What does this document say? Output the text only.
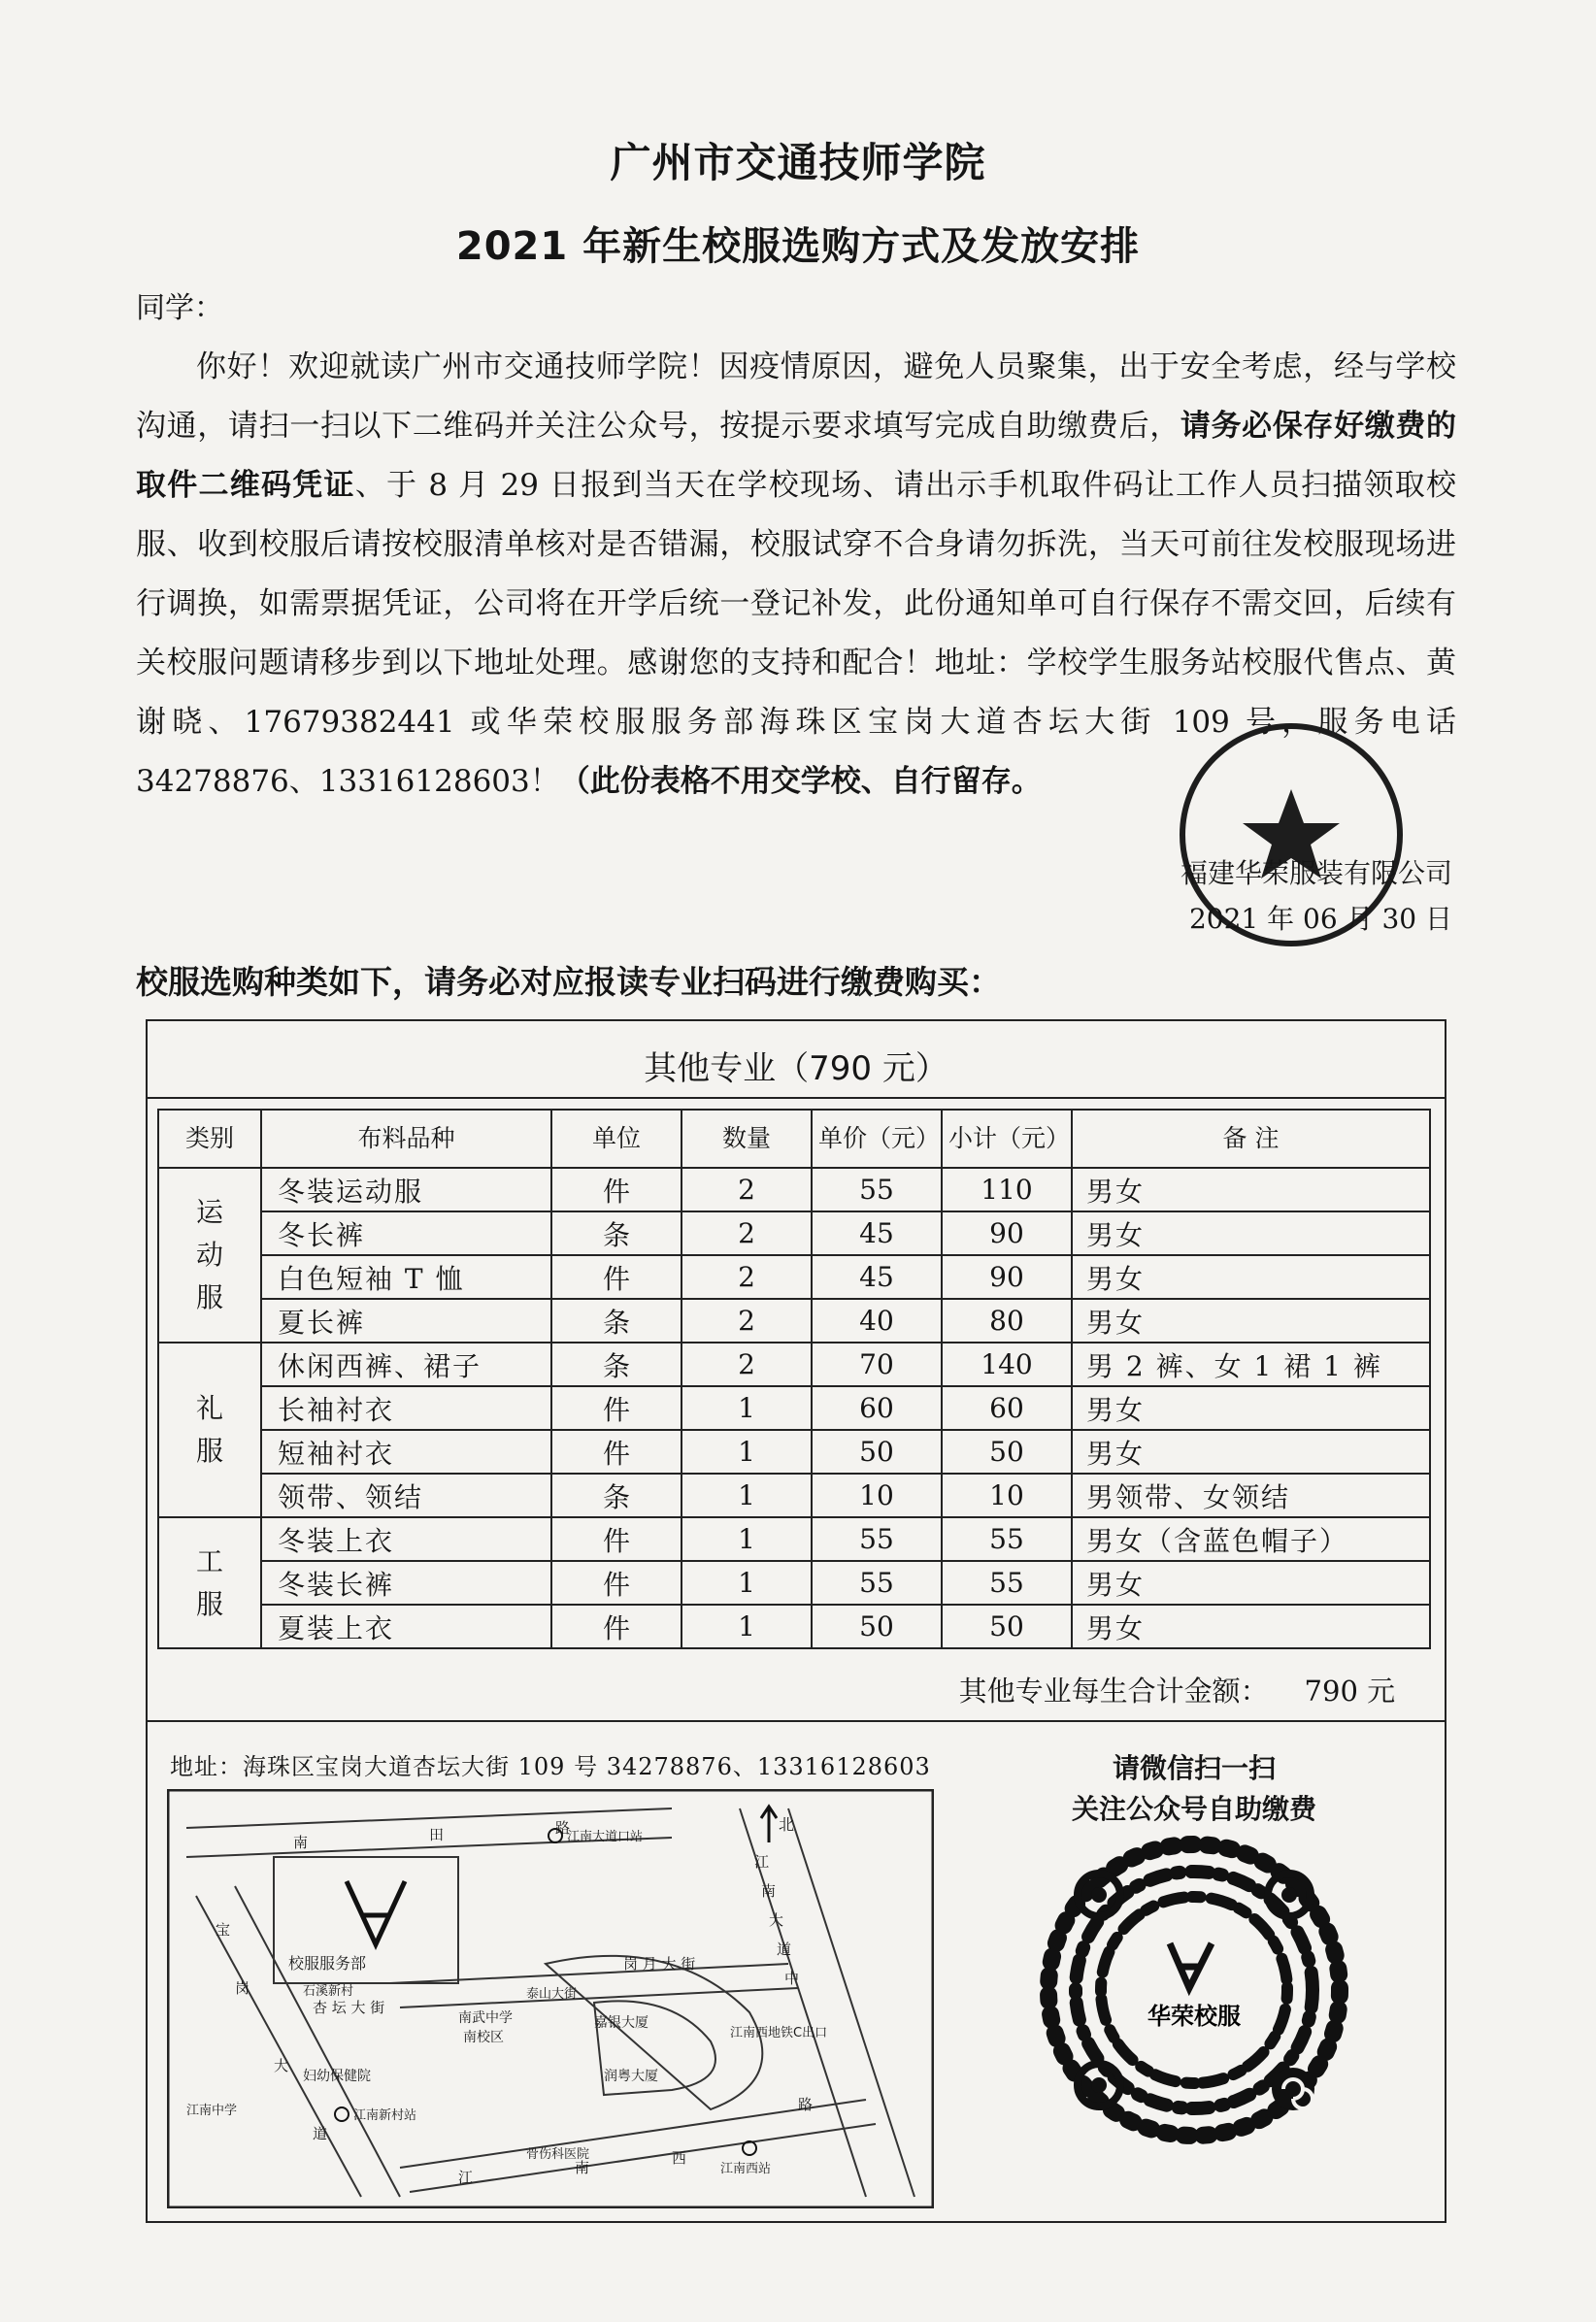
广州市交通技师学院
2021 年新生校服选购方式及发放安排
同学：
你好！欢迎就读广州市交通技师学院！因疫情原因，避免人员聚集，出于安全考虑，经与学校沟通，请扫一扫以下二维码并关注公众号，按提示要求填写完成自助缴费后，请务必保存好缴费的取件二维码凭证、于 8 月 29 日报到当天在学校现场、请出示手机取件码让工作人员扫描领取校服、收到校服后请按校服清单核对是否错漏，校服试穿不合身请勿拆洗，当天可前往发校服现场进行调换，如需票据凭证，公司将在开学后统一登记补发，此份通知单可自行保存不需交回，后续有关校服问题请移步到以下地址处理。感谢您的支持和配合！地址：学校学生服务站校服代售点、黄谢晓、17679382441 或华荣校服服务部海珠区宝岗大道杏坛大街 109 号，服务电话 34278876、13316128603！（此份表格不用交学校、自行留存。
福建华荣服装有限公司
2021 年 06 月 30 日
校服选购种类如下，请务必对应报读专业扫码进行缴费购买：
其他专业（790 元）
类别	布料品种	单位	数量	单价（元）	小计（元）	备 注

运
动
服	冬装运动服	件	2	55	110	男女
	冬长裤	条	2	45	90	男女
	白色短袖 T 恤	件	2	45	90	男女
	夏长裤	条	2	40	80	男女

礼
服	休闲西裤、裙子	条	2	70	140	男 2 裤、女 1 裙 1 裤
	长袖衬衣	件	1	60	60	男女
	短袖衬衣	件	1	50	50	男女
	领带、领结	条	1	10	10	男领带、女领结

工
服	冬装上衣	件	1	55	55	男女（含蓝色帽子）
	冬装长裤	件	1	55	55	男女
	夏装上衣	件	1	50	50	男女
其他专业每生合计金额： 790 元
地址：海珠区宝岗大道杏坛大街 109 号 34278876、13316128603
校服服务部
北
南	田	路
宝
岗
大
道
江
南
大
道
中
江
南
西
路
杏 坛 大 街
岗 月 大 街
江南大道口站
江南新村站
江南西站
江南西地铁C出口
妇幼保健院
南武中学
南校区
嘉银大厦
润粤大厦
江南中学
石溪新村
骨伤科医院
泰山大街
请微信扫一扫
关注公众号自助缴费
华荣校服
